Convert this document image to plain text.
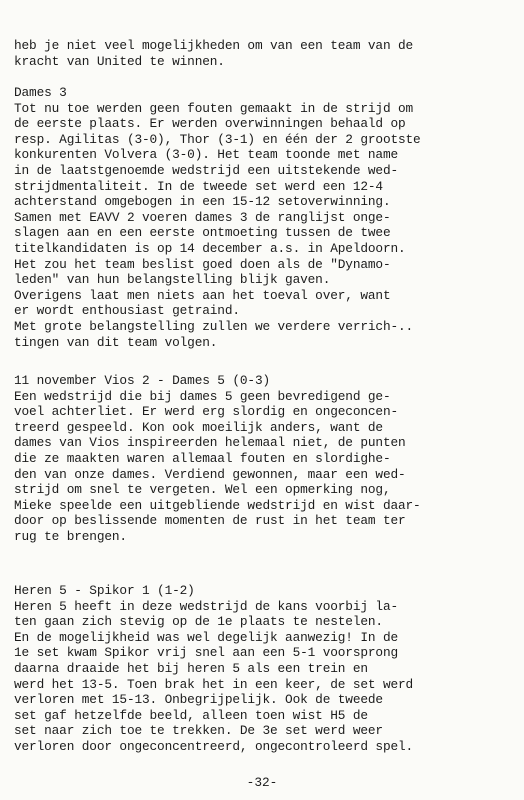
heb je niet veel mogelijkheden om van een team van de
kracht van United te winnen.
Dames 3
Tot nu toe werden geen fouten gemaakt in de strijd om
de eerste plaats. Er werden overwinningen behaald op
resp. Agilitas (3-0), Thor (3-1) en één der 2 grootste
konkurenten Volvera (3-0). Het team toonde met name
in de laatstgenoemde wedstrijd een uitstekende wed-
strijdmentaliteit. In de tweede set werd een 12-4
achterstand omgebogen in een 15-12 setoverwinning.
Samen met EAVV 2 voeren dames 3 de ranglijst onge-
slagen aan en een eerste ontmoeting tussen de twee
titelkandidaten is op 14 december a.s. in Apeldoorn.
Het zou het team beslist goed doen als de "Dynamo-
leden" van hun belangstelling blijk gaven.
Overigens laat men niets aan het toeval over, want
er wordt enthousiast getraind.
Met grote belangstelling zullen we verdere verrich-..
tingen van dit team volgen.
11 november Vios 2 - Dames 5 (0-3)
Een wedstrijd die bij dames 5 geen bevredigend ge-
voel achterliet. Er werd erg slordig en ongeconcen-
treerd gespeeld. Kon ook moeilijk anders, want de
dames van Vios inspireerden helemaal niet, de punten
die ze maakten waren allemaal fouten en slordighe-
den van onze dames. Verdiend gewonnen, maar een wed-
strijd om snel te vergeten. Wel een opmerking nog,
Mieke speelde een uitgebliende wedstrijd en wist daar-
door op beslissende momenten de rust in het team ter
rug te brengen.
Heren 5 - Spikor 1 (1-2)
Heren 5 heeft in deze wedstrijd de kans voorbij la-
ten gaan zich stevig op de 1e plaats te nestelen.
En de mogelijkheid was wel degelijk aanwezig! In de
1e set kwam Spikor vrij snel aan een 5-1 voorsprong
daarna draaide het bij heren 5 als een trein en
werd het 13-5. Toen brak het in een keer, de set werd
verloren met 15-13. Onbegrijpelijk. Ook de tweede
set gaf hetzelfde beeld, alleen toen wist H5 de
set naar zich toe te trekken. De 3e set werd weer
verloren door ongeconcentreerd, ongecontroleerd spel.
-32-
